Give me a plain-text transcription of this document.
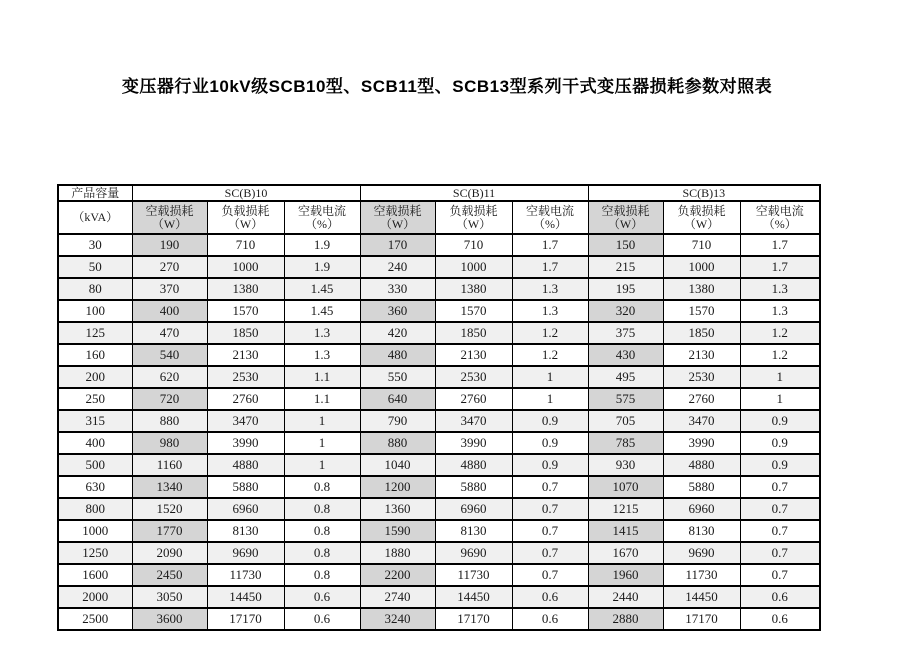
变压器行业10kV级SCB10型、SCB11型、SCB13型系列干式变压器损耗参数对照表
产品容量	SC(B)10			SC(B)11			SC(B)13		
（kVA）	空载损耗（W）	负载损耗（W）	空载电流（%）	空载损耗（W）	负载损耗（W）	空载电流（%）	空载损耗（W）	负载损耗（W）	空载电流（%）
30	190	710	1.9	170	710	1.7	150	710	1.7
50	270	1000	1.9	240	1000	1.7	215	1000	1.7
80	370	1380	1.45	330	1380	1.3	195	1380	1.3
100	400	1570	1.45	360	1570	1.3	320	1570	1.3
125	470	1850	1.3	420	1850	1.2	375	1850	1.2
160	540	2130	1.3	480	2130	1.2	430	2130	1.2
200	620	2530	1.1	550	2530	1	495	2530	1
250	720	2760	1.1	640	2760	1	575	2760	1
315	880	3470	1	790	3470	0.9	705	3470	0.9
400	980	3990	1	880	3990	0.9	785	3990	0.9
500	1160	4880	1	1040	4880	0.9	930	4880	0.9
630	1340	5880	0.8	1200	5880	0.7	1070	5880	0.7
800	1520	6960	0.8	1360	6960	0.7	1215	6960	0.7
1000	1770	8130	0.8	1590	8130	0.7	1415	8130	0.7
1250	2090	9690	0.8	1880	9690	0.7	1670	9690	0.7
1600	2450	11730	0.8	2200	11730	0.7	1960	11730	0.7
2000	3050	14450	0.6	2740	14450	0.6	2440	14450	0.6
2500	3600	17170	0.6	3240	17170	0.6	2880	17170	0.6
